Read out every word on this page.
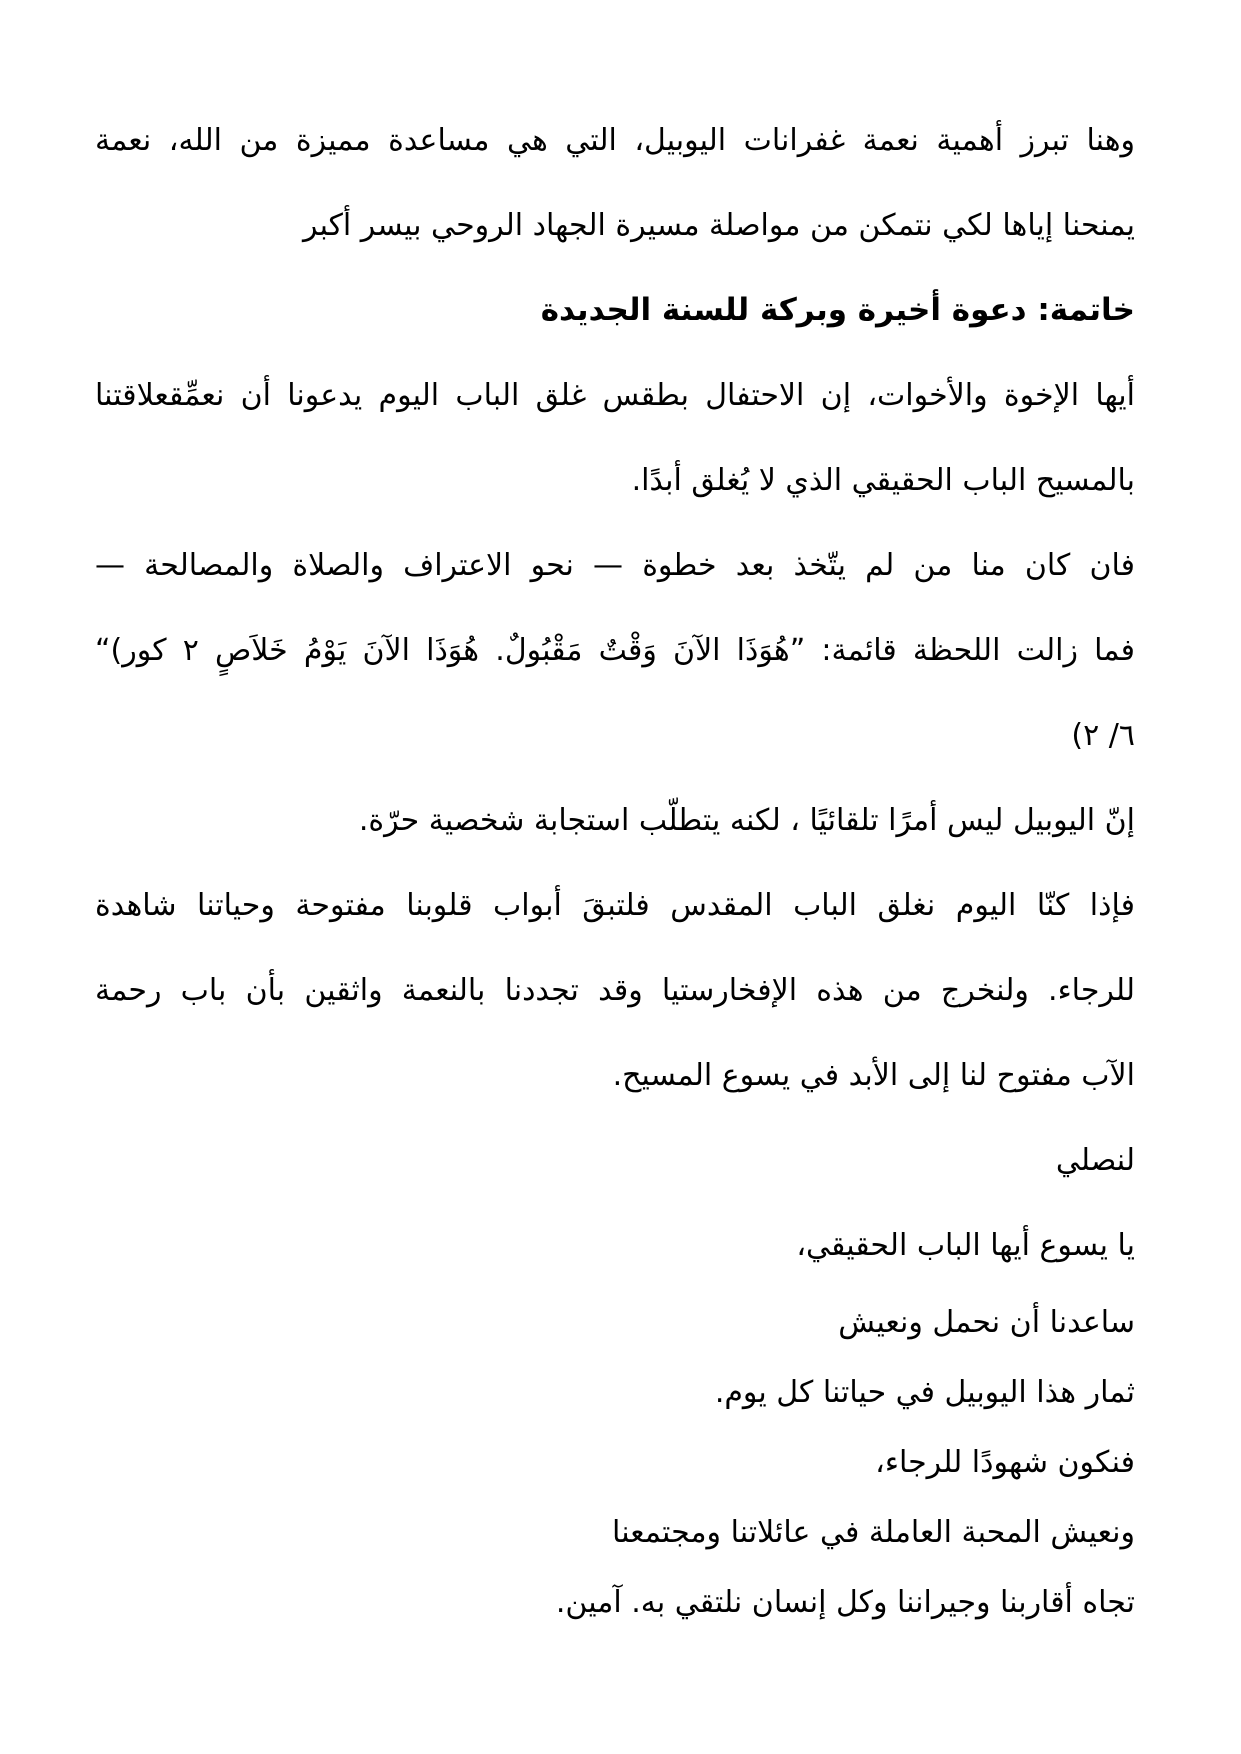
وهنا تبرز أهمية نعمة غفرانات اليوبيل، التي هي مساعدة مميزة من الله، نعمة
يمنحنا إياها لكي نتمكن من مواصلة مسيرة الجهاد الروحي بيسر أكبر
خاتمة: دعوة أخيرة وبركة للسنة الجديدة
أيها الإخوة والأخوات، إن الاحتفال بطقس غلق الباب اليوم يدعونا أن نعمِّقعلاقتنا
بالمسيح الباب الحقيقي الذي لا يُغلق أبدًا.
فان كان منا من لم يتّخذ بعد خطوة — نحو الاعتراف والصلاة والمصالحة —
فما زالت اللحظة قائمة: ”هُوَذَا الآنَ وَقْتٌ مَقْبُولٌ. هُوَذَا الآنَ يَوْمُ خَلاَصٍ ⁦(٢ كور⁩“
٦/ ٢)
إنّ اليوبيل ليس أمرًا تلقائيًا ، لكنه يتطلّب استجابة شخصية حرّة.
فإذا كنّا اليوم نغلق الباب المقدس فلتبقَ أبواب قلوبنا مفتوحة وحياتنا شاهدة
للرجاء. ولنخرج من هذه الإفخارستيا وقد تجددنا بالنعمة واثقين بأن باب رحمة
الآب مفتوح لنا إلى الأبد في يسوع المسيح.
لنصلي
يا يسوع أيها الباب الحقيقي،
ساعدنا أن نحمل ونعيش
ثمار هذا اليوبيل في حياتنا كل يوم.
فنكون شهودًا للرجاء،
ونعيش المحبة العاملة في عائلاتنا ومجتمعنا
تجاه أقاربنا وجيراننا وكل إنسان نلتقي به. آمين.
